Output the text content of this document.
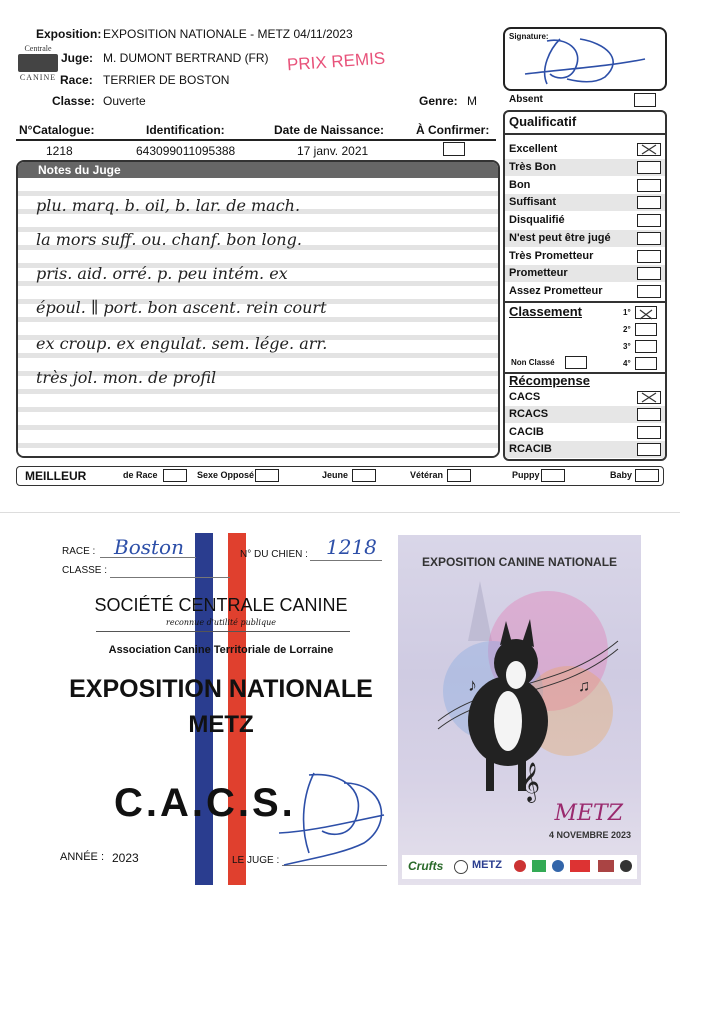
Centrale
CANINE
Exposition: EXPOSITION NATIONALE - METZ 04/11/2023
Juge: M. DUMONT BERTRAND (FR)
Race: TERRIER DE BOSTON
Classe: Ouverte	Genre: M
PRIX REMIS
Signature:
Absent
N°Catalogue:	Identification:	Date de Naissance:	À Confirmer:
1218	643099011095388	17 janv. 2021
Notes du Juge
plu. marq. b. oil, b. lar. de mach.
la mors suff. ou. chanf. bon long.
pris. aid. orré. p. peu intém. ex
époul. ∥ port. bon ascent. rein court
ex croup. ex engulat. sem. lége. arr.
très jol. mon. de profil
Qualificatif
Excellent
Très Bon
Bon
Suffisant
Disqualifié
N'est peut être jugé
Très Prometteur
Prometteur
Assez Prometteur
Classement	1°
2°
3°
Non Classé	4°
Récompense
CACS
RCACS
CACIB
RCACIB
MEILLEUR	de Race	Sexe Opposé	Jeune	Vétéran	Puppy	Baby
RACE : Boston	N° DU CHIEN : 1218
CLASSE :
SOCIÉTÉ CENTRALE CANINE
reconnue d'utilité publique
Association Canine Territoriale de Lorraine
EXPOSITION NATIONALE
METZ
C.A.C.S.
ANNÉE : 2023	LE JUGE :
EXPOSITION CANINE NATIONALE
𝄞
♪	♫
METZ
4 NOVEMBRE 2023
Crufts	METZ
